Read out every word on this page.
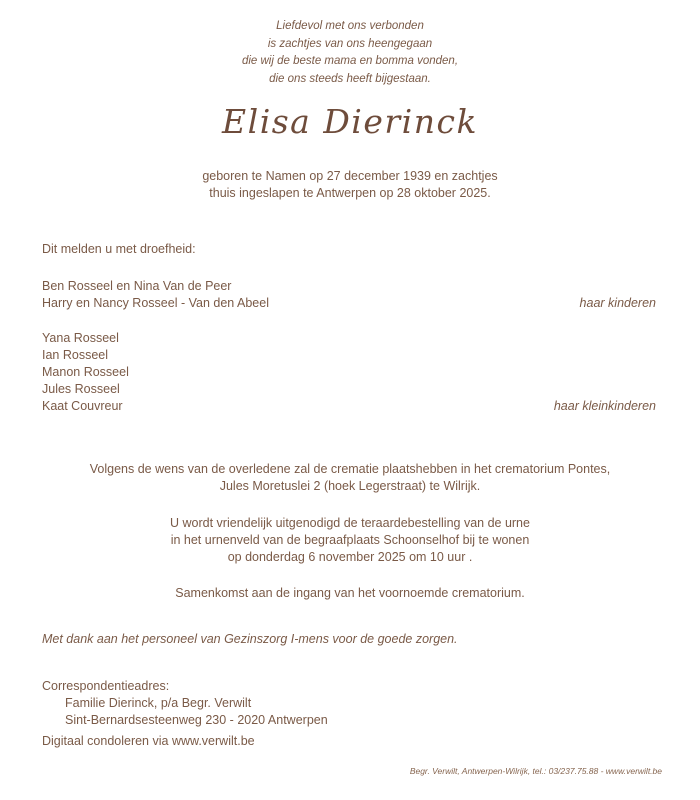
Liefdevol met ons verbonden
is zachtjes van ons heengegaan
die wij de beste mama en bomma vonden,
die ons steeds heeft bijgestaan.
Elisa Dierinck
geboren te Namen op 27 december 1939 en zachtjes
thuis ingeslapen te Antwerpen op 28 oktober 2025.
Dit melden u met droefheid:
Ben Rosseel en Nina Van de Peer
Harry en Nancy Rosseel - Van den Abeel	haar kinderen
Yana Rosseel
Ian Rosseel
Manon Rosseel
Jules Rosseel
Kaat Couvreur	haar kleinkinderen
Volgens de wens van de overledene zal de crematie plaatshebben in het crematorium Pontes,
Jules Moretuslei 2 (hoek Legerstraat) te Wilrijk.
U wordt vriendelijk uitgenodigd de teraardebestelling van de urne
in het urnenveld van de begraafplaats Schoonselhof bij te wonen
op donderdag 6 november 2025 om 10 uur .
Samenkomst aan de ingang van het voornoemde crematorium.
Met dank aan het personeel van Gezinszorg I-mens voor de goede zorgen.
Correspondentieadres:
Familie Dierinck, p/a Begr. Verwilt
Sint-Bernardsesteenweg 230 - 2020 Antwerpen
Digitaal condoleren via www.verwilt.be
Begr. Verwilt, Antwerpen-Wilrijk, tel.: 03/237.75.88 - www.verwilt.be
